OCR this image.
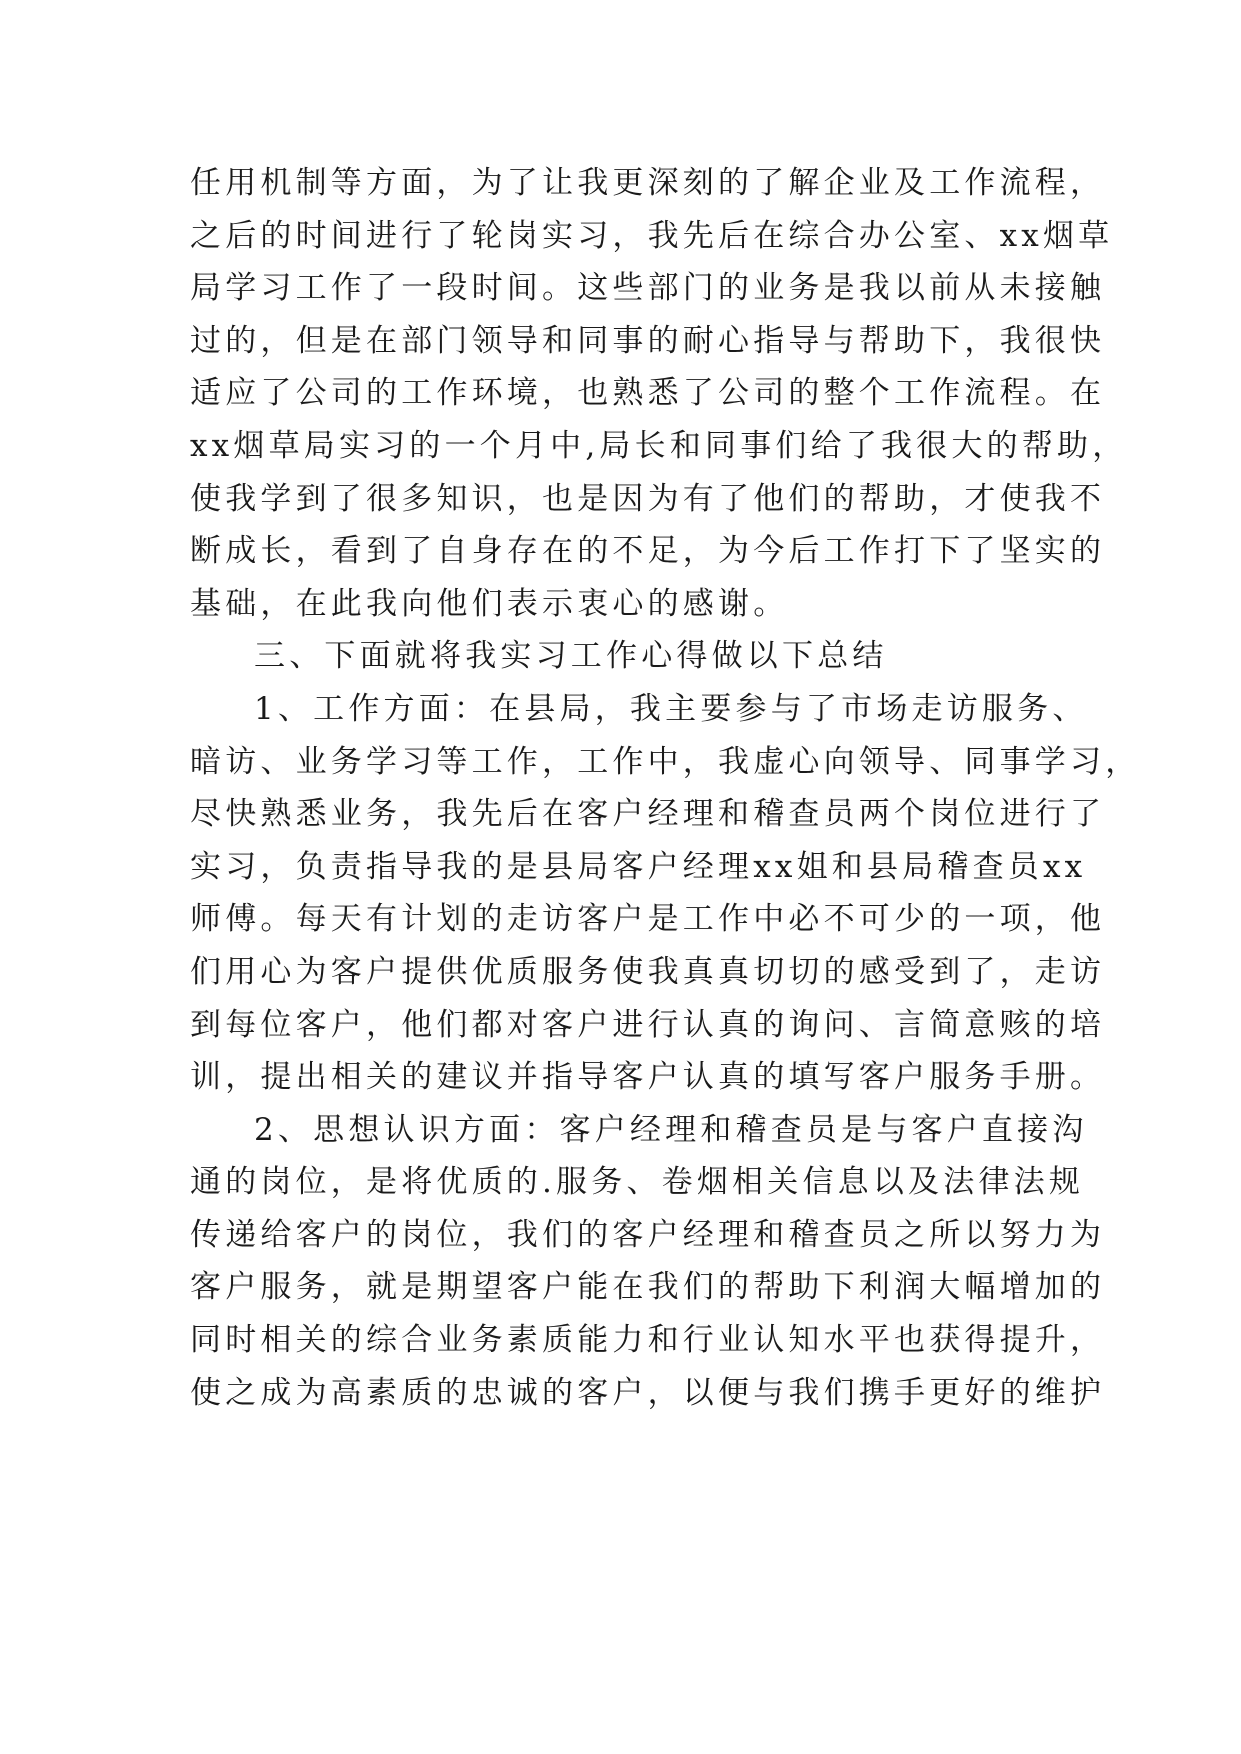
任用机制等方面，为了让我更深刻的了解企业及工作流程，
之后的时间进行了轮岗实习，我先后在综合办公室、xx烟草
局学习工作了一段时间。这些部门的业务是我以前从未接触
过的，但是在部门领导和同事的耐心指导与帮助下，我很快
适应了公司的工作环境，也熟悉了公司的整个工作流程。在
xx烟草局实习的一个月中,局长和同事们给了我很大的帮助，
使我学到了很多知识，也是因为有了他们的帮助，才使我不
断成长，看到了自身存在的不足，为今后工作打下了坚实的
基础，在此我向他们表示衷心的感谢。
三、下面就将我实习工作心得做以下总结
1、工作方面：在县局，我主要参与了市场走访服务、
暗访、业务学习等工作，工作中，我虚心向领导、同事学习，
尽快熟悉业务，我先后在客户经理和稽查员两个岗位进行了
实习，负责指导我的是县局客户经理xx姐和县局稽查员xx
师傅。每天有计划的走访客户是工作中必不可少的一项，他
们用心为客户提供优质服务使我真真切切的感受到了，走访
到每位客户，他们都对客户进行认真的询问、言简意赅的培
训，提出相关的建议并指导客户认真的填写客户服务手册。
2、思想认识方面：客户经理和稽查员是与客户直接沟
通的岗位，是将优质的.服务、卷烟相关信息以及法律法规
传递给客户的岗位，我们的客户经理和稽查员之所以努力为
客户服务，就是期望客户能在我们的帮助下利润大幅增加的
同时相关的综合业务素质能力和行业认知水平也获得提升，
使之成为高素质的忠诚的客户，以便与我们携手更好的维护
